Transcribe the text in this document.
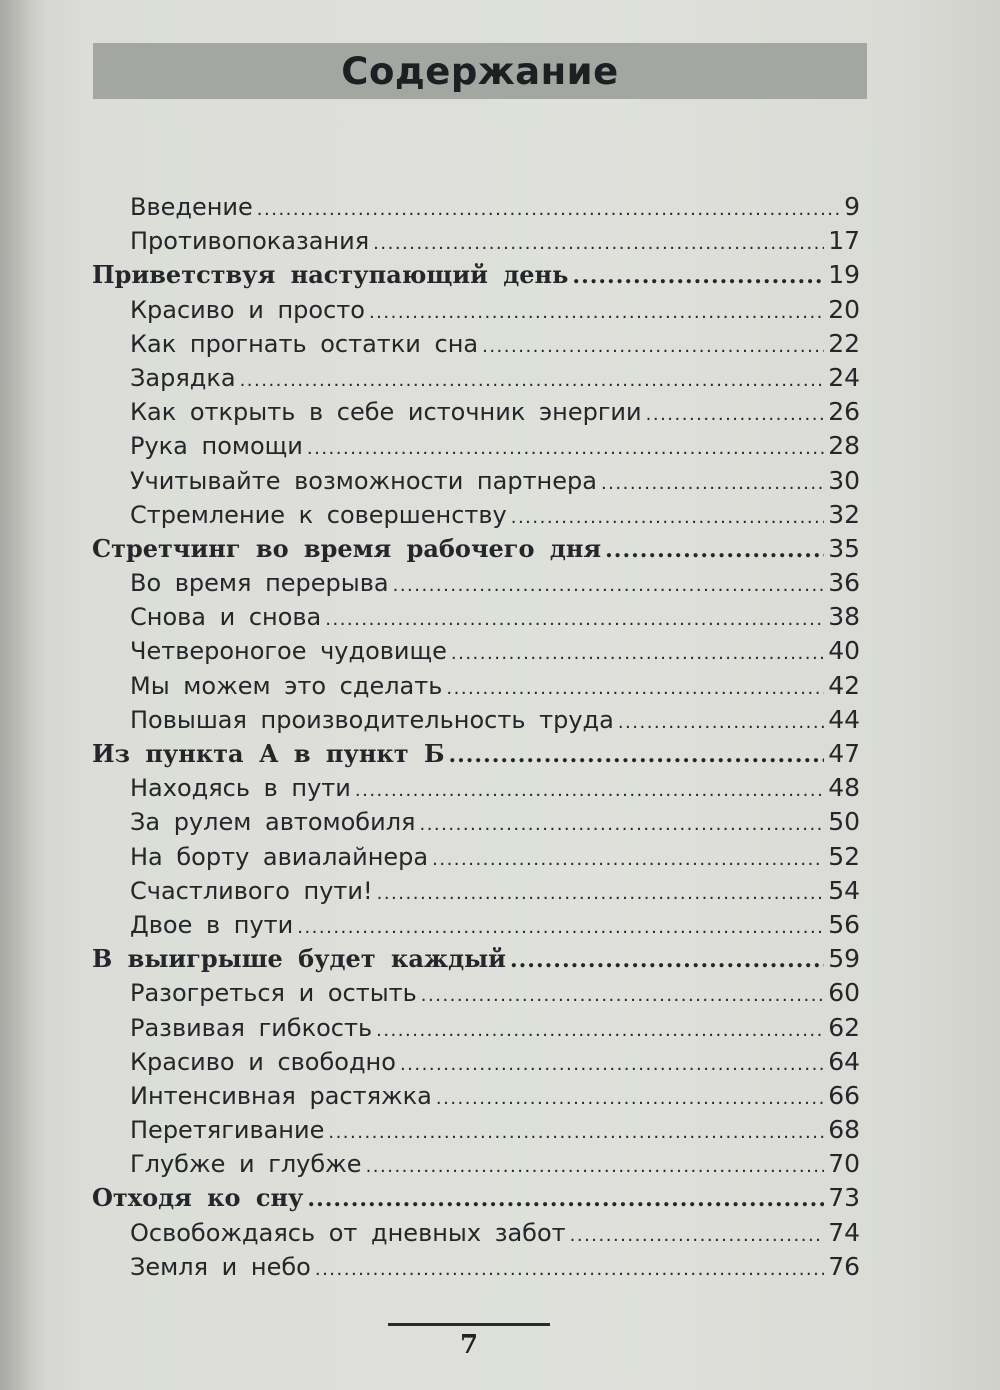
Содержание
Введение .....	9
Противопоказания .....	17
Приветствуя наступающий день .....	19
Красиво и просто .....	20
Как прогнать остатки сна .....	22
Зарядка .....	24
Как открыть в себе источник энергии .....	26
Рука помощи .....	28
Учитывайте возможности партнера .....	30
Стремление к совершенству .....	32
Стретчинг во время рабочего дня .....	35
Во время перерыва .....	36
Снова и снова .....	38
Четвероногое чудовище .....	40
Мы можем это сделать .....	42
Повышая производительность труда .....	44
Из пункта А в пункт Б .....	47
Находясь в пути .....	48
За рулем автомобиля .....	50
На борту авиалайнера .....	52
Счастливого пути! .....	54
Двое в пути .....	56
В выигрыше будет каждый .....	59
Разогреться и остыть .....	60
Развивая гибкость .....	62
Красиво и свободно .....	64
Интенсивная растяжка .....	66
Перетягивание .....	68
Глубже и глубже .....	70
Отходя ко сну .....	73
Освобождаясь от дневных забот .....	74
Земля и небо .....	76
7
